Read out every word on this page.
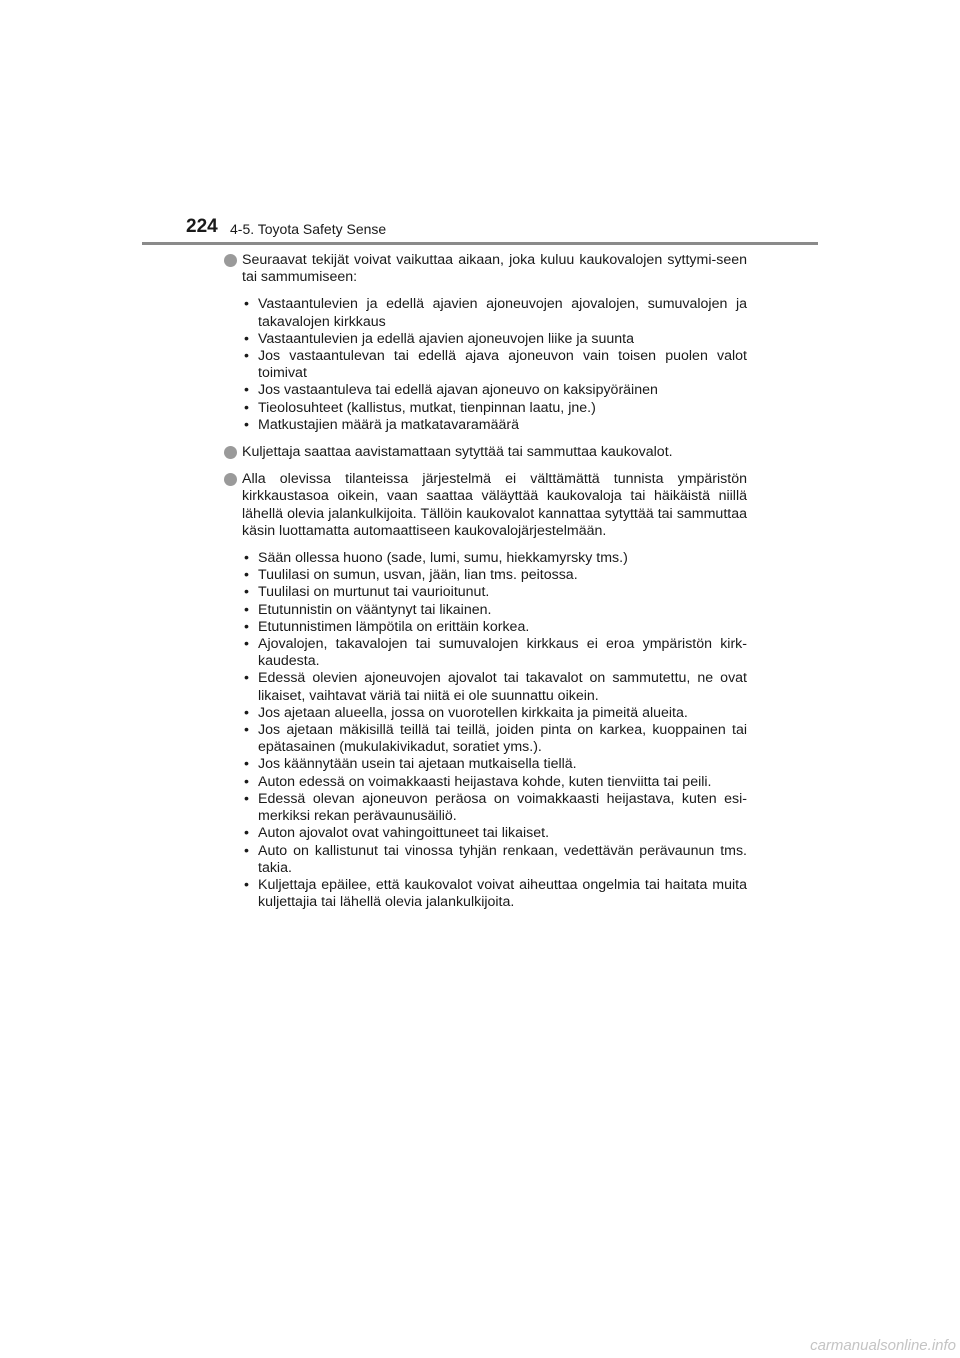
224 4-5. Toyota Safety Sense
Seuraavat tekijät voivat vaikuttaa aikaan, joka kuluu kaukovalojen syttymi-seen tai sammumiseen:
• Vastaantulevien ja edellä ajavien ajoneuvojen ajovalojen, sumuvalojen ja takavalojen kirkkaus
• Vastaantulevien ja edellä ajavien ajoneuvojen liike ja suunta
• Jos vastaantulevan tai edellä ajava ajoneuvon vain toisen puolen valot toimivat
• Jos vastaantuleva tai edellä ajavan ajoneuvo on kaksipyöräinen
• Tieolosuhteet (kallistus, mutkat, tienpinnan laatu, jne.)
• Matkustajien määrä ja matkatavaramäärä
Kuljettaja saattaa aavistamattaan sytyttää tai sammuttaa kaukovalot.
Alla olevissa tilanteissa järjestelmä ei välttämättä tunnista ympäristön kirkkaustasoa oikein, vaan saattaa väläyttää kaukovaloja tai häikäistä niillä lähellä olevia jalankulkijoita. Tällöin kaukovalot kannattaa sytyttää tai sammuttaa käsin luottamatta automaattiseen kaukovalojärjestelmään.
• Sään ollessa huono (sade, lumi, sumu, hiekkamyrsky tms.)
• Tuulilasi on sumun, usvan, jään, lian tms. peitossa.
• Tuulilasi on murtunut tai vaurioitunut.
• Etutunnistin on vääntynyt tai likainen.
• Etutunnistimen lämpötila on erittäin korkea.
• Ajovalojen, takavalojen tai sumuvalojen kirkkaus ei eroa ympäristön kirk-kaudesta.
• Edessä olevien ajoneuvojen ajovalot tai takavalot on sammutettu, ne ovat likaiset, vaihtavat väriä tai niitä ei ole suunnattu oikein.
• Jos ajetaan alueella, jossa on vuorotellen kirkkaita ja pimeitä alueita.
• Jos ajetaan mäkisillä teillä tai teillä, joiden pinta on karkea, kuoppainen tai epätasainen (mukulakivikadut, soratiet yms.).
• Jos käännytään usein tai ajetaan mutkaisella tiellä.
• Auton edessä on voimakkaasti heijastava kohde, kuten tienviitta tai peili.
• Edessä olevan ajoneuvon peräosa on voimakkaasti heijastava, kuten esi-merkiksi rekan perävaunusäiliö.
• Auton ajovalot ovat vahingoittuneet tai likaiset.
• Auto on kallistunut tai vinossa tyhjän renkaan, vedettävän perävaunun tms. takia.
• Kuljettaja epäilee, että kaukovalot voivat aiheuttaa ongelmia tai haitata muita kuljettajia tai lähellä olevia jalankulkijoita.
carmanualsonline.info
